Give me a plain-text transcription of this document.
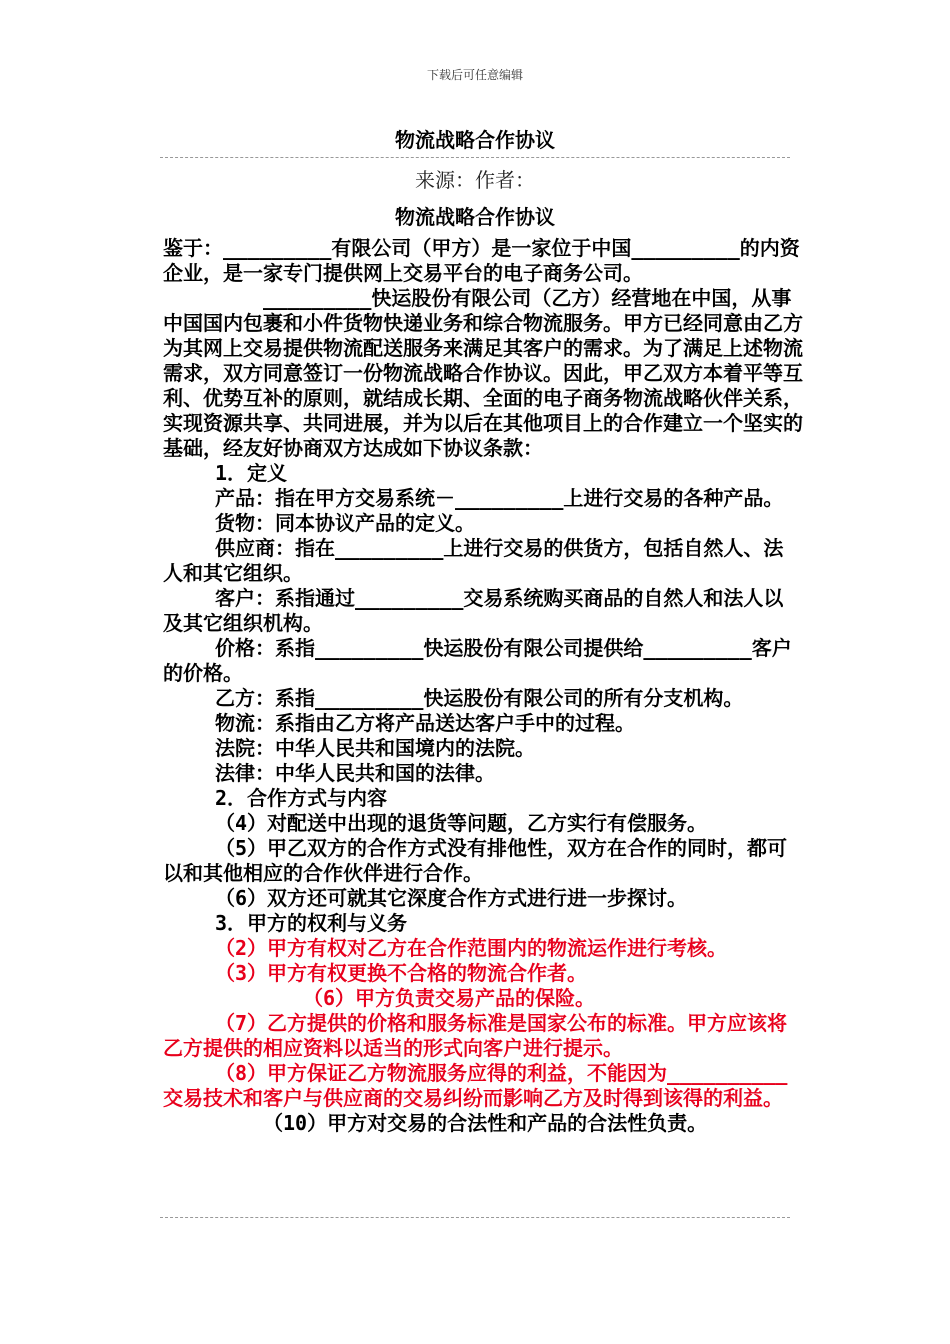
下载后可任意编辑
物流战略合作协议
来源：作者：
物流战略合作协议

鉴于：_________有限公司（甲方）是一家位于中国_________的内资企业，是一家专门提供网上交易平台的电子商务公司。

_________快运股份有限公司（乙方）经营地在中国，从事中国国内包裹和小件货物快递业务和综合物流服务。甲方已经同意由乙方为其网上交易提供物流配送服务来满足其客户的需求。为了满足上述物流需求，双方同意签订一份物流战略合作协议。因此，甲乙双方本着平等互利、优势互补的原则，就结成长期、全面的电子商务物流战略伙伴关系，实现资源共享、共同进展，并为以后在其他项目上的合作建立一个坚实的基础，经友好协商双方达成如下协议条款：

1．定义

产品：指在甲方交易系统－_________上进行交易的各种产品。

货物：同本协议产品的定义。

供应商：指在_________上进行交易的供货方，包括自然人、法人和其它组织。

客户：系指通过_________交易系统购买商品的自然人和法人以及其它组织机构。

价格：系指_________快运股份有限公司提供给_________客户的价格。

乙方：系指_________快运股份有限公司的所有分支机构。

物流：系指由乙方将产品送达客户手中的过程。

法院：中华人民共和国境内的法院。

法律：中华人民共和国的法律。

2．合作方式与内容

（4）对配送中出现的退货等问题，乙方实行有偿服务。

（5）甲乙双方的合作方式没有排他性，双方在合作的同时，都可以和其他相应的合作伙伴进行合作。

（6）双方还可就其它深度合作方式进行进一步探讨。

3．甲方的权利与义务

（2）甲方有权对乙方在合作范围内的物流运作进行考核。

（3）甲方有权更换不合格的物流合作者。

（6）甲方负责交易产品的保险。

（7）乙方提供的价格和服务标准是国家公布的标准。甲方应该将乙方提供的相应资料以适当的形式向客户进行提示。

（8）甲方保证乙方物流服务应得的利益，不能因为__________交易技术和客户与供应商的交易纠纷而影响乙方及时得到该得的利益。

（10）甲方对交易的合法性和产品的合法性负责。
